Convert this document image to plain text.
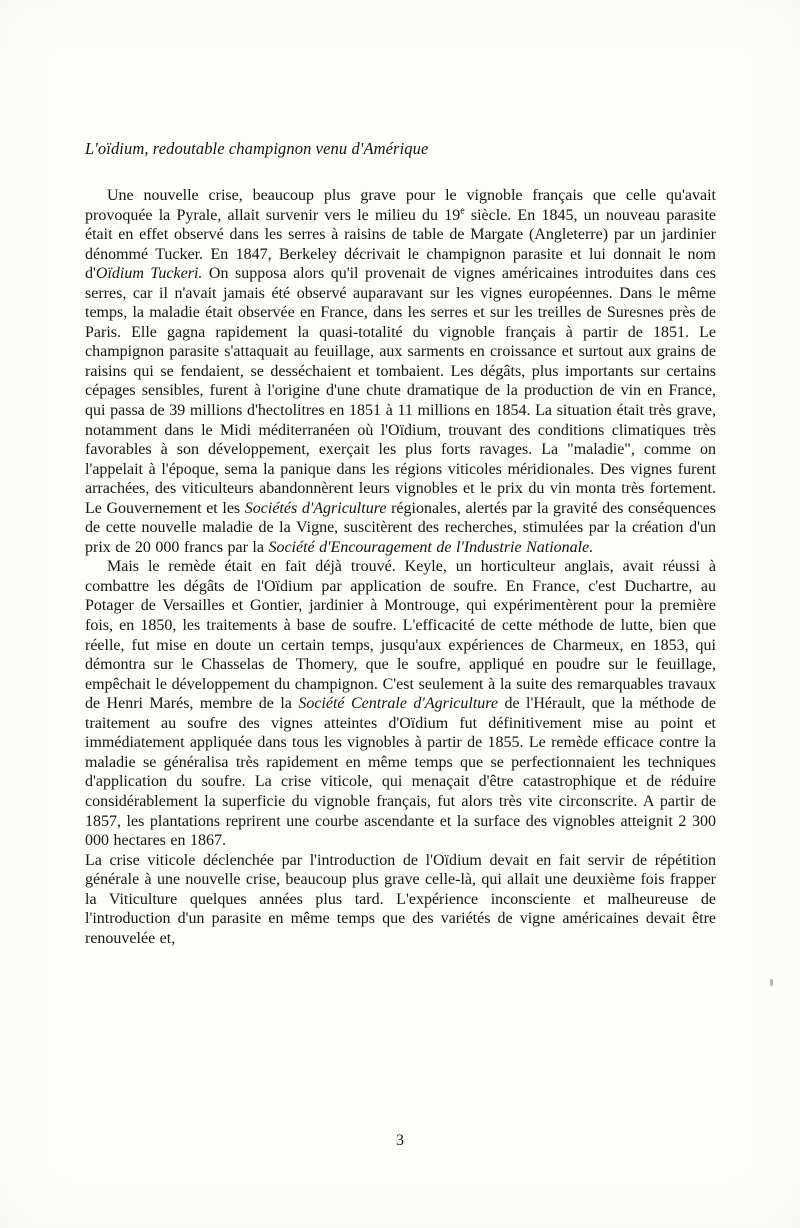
L'oïdium, redoutable champignon venu d'Amérique

Une nouvelle crise, beaucoup plus grave pour le vignoble français que celle qu'avait provoquée la Pyrale, allait survenir vers le milieu du 19e siècle. En 1845, un nouveau parasite était en effet observé dans les serres à raisins de table de Margate (Angleterre) par un jardinier dénommé Tucker. En 1847, Berkeley décrivait le champignon parasite et lui donnait le nom d'Oïdium Tuckeri. On supposa alors qu'il provenait de vignes américaines introduites dans ces serres, car il n'avait jamais été observé auparavant sur les vignes européennes. Dans le même temps, la maladie était observée en France, dans les serres et sur les treilles de Suresnes près de Paris. Elle gagna rapidement la quasi-totalité du vignoble français à partir de 1851. Le champignon parasite s'attaquait au feuillage, aux sarments en croissance et surtout aux grains de raisins qui se fendaient, se desséchaient et tombaient. Les dégâts, plus importants sur certains cépages sensibles, furent à l'origine d'une chute dramatique de la production de vin en France, qui passa de 39 millions d'hectolitres en 1851 à 11 millions en 1854. La situation était très grave, notamment dans le Midi méditerranéen où l'Oïdium, trouvant des conditions climatiques très favorables à son développement, exerçait les plus forts ravages. La "maladie", comme on l'appelait à l'époque, sema la panique dans les régions viticoles méridionales. Des vignes furent arrachées, des viticulteurs abandonnèrent leurs vignobles et le prix du vin monta très fortement. Le Gouvernement et les Sociétés d'Agriculture régionales, alertés par la gravité des conséquences de cette nouvelle maladie de la Vigne, suscitèrent des recherches, stimulées par la création d'un prix de 20 000 francs par la Société d'Encouragement de l'Industrie Nationale.

Mais le remède était en fait déjà trouvé. Keyle, un horticulteur anglais, avait réussi à combattre les dégâts de l'Oïdium par application de soufre. En France, c'est Duchartre, au Potager de Versailles et Gontier, jardinier à Montrouge, qui expérimentèrent pour la première fois, en 1850, les traitements à base de soufre. L'efficacité de cette méthode de lutte, bien que réelle, fut mise en doute un certain temps, jusqu'aux expériences de Charmeux, en 1853, qui démontra sur le Chasselas de Thomery, que le soufre, appliqué en poudre sur le feuillage, empêchait le développement du champignon. C'est seulement à la suite des remarquables travaux de Henri Marés, membre de la Société Centrale d'Agriculture de l'Hérault, que la méthode de traitement au soufre des vignes atteintes d'Oïdium fut définitivement mise au point et immédiatement appliquée dans tous les vignobles à partir de 1855. Le remède efficace contre la maladie se généralisa très rapidement en même temps que se perfectionnaient les techniques d'application du soufre. La crise viticole, qui menaçait d'être catastrophique et de réduire considérablement la superficie du vignoble français, fut alors très vite circonscrite. A partir de 1857, les plantations reprirent une courbe ascendante et la surface des vignobles atteignit 2 300 000 hectares en 1867.

La crise viticole déclenchée par l'introduction de l'Oïdium devait en fait servir de répétition générale à une nouvelle crise, beaucoup plus grave celle-là, qui allait une deuxième fois frapper la Viticulture quelques années plus tard. L'expérience inconsciente et malheureuse de l'introduction d'un parasite en même temps que des variétés de vigne américaines devait être renouvelée et,

3
